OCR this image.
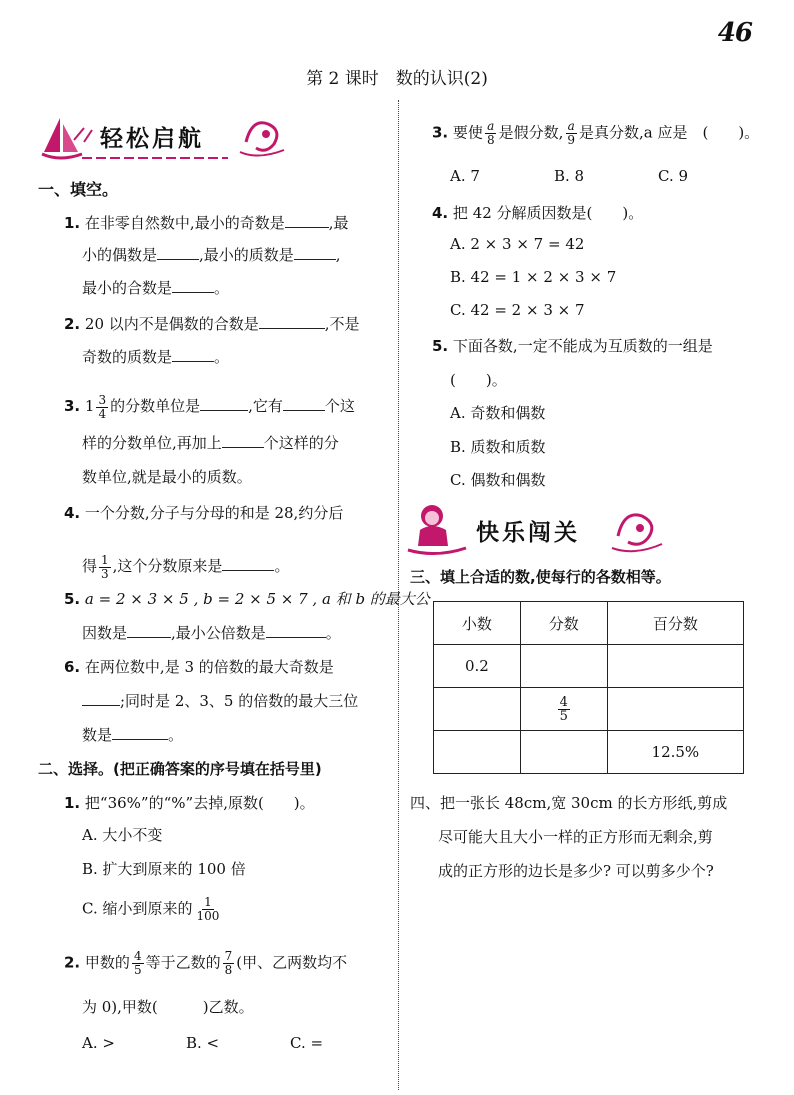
46
第 2 课时　数的认识(2)
轻松启航
一、填空。
1. 在非零自然数中,最小的奇数是	,最
小的偶数是	,最小的质数是	,
最小的合数是	。
2. 20 以内不是偶数的合数是	,不是
奇数的质数是	。
3. $1 \frac{3}{4}$ 的分数单位是	,它有	个这
样的分数单位,再加上	个这样的分
数单位,就是最小的质数。
4. 一个分数,分子与分母的和是 28,约分后
得 $\frac{1}{3}$ ,这个分数原来是	。
5. a = 2 × 3 × 5 , b = 2 × 5 × 7 , a 和 b 的最大公
因数是	,最小公倍数是	。
6. 在两位数中,是 3 的倍数的最大奇数是
;同时是 2、3、5 的倍数的最大三位
数是	。
二、选择。(把正确答案的序号填在括号里)
1. 把“36%”的“%”去掉,原数(　　)。
A. 大小不变
B. 扩大到原来的 100 倍
C. 缩小到原来的 $\frac{1}{100}$
2. 甲数的 $\frac{4}{5}$ 等于乙数的 $\frac{7}{8}$ (甲、乙两数均不
为 0),甲数(　　　)乙数。
A. >	B. <	C. =
3. 要使 $\frac{a}{8}$ 是假分数, $\frac{a}{9}$ 是真分数,a 应是　(　　)。
A. 7	B. 8	C. 9
4. 把 42 分解质因数是(　　)。
A. 2 × 3 × 7 = 42
B. 42 = 1 × 2 × 3 × 7
C. 42 = 2 × 3 × 7
5. 下面各数,一定不能成为互质数的一组是
(　　)。
A. 奇数和偶数
B. 质数和质数
C. 偶数和偶数
快乐闯关
三、填上合适的数,使每行的各数相等。
小数	分数	百分数
0.2		

	$\frac{4}{5}$

		12.5%
四、把一张长 48cm,宽 30cm 的长方形纸,剪成
尽可能大且大小一样的正方形而无剩余,剪
成的正方形的边长是多少? 可以剪多少个?
